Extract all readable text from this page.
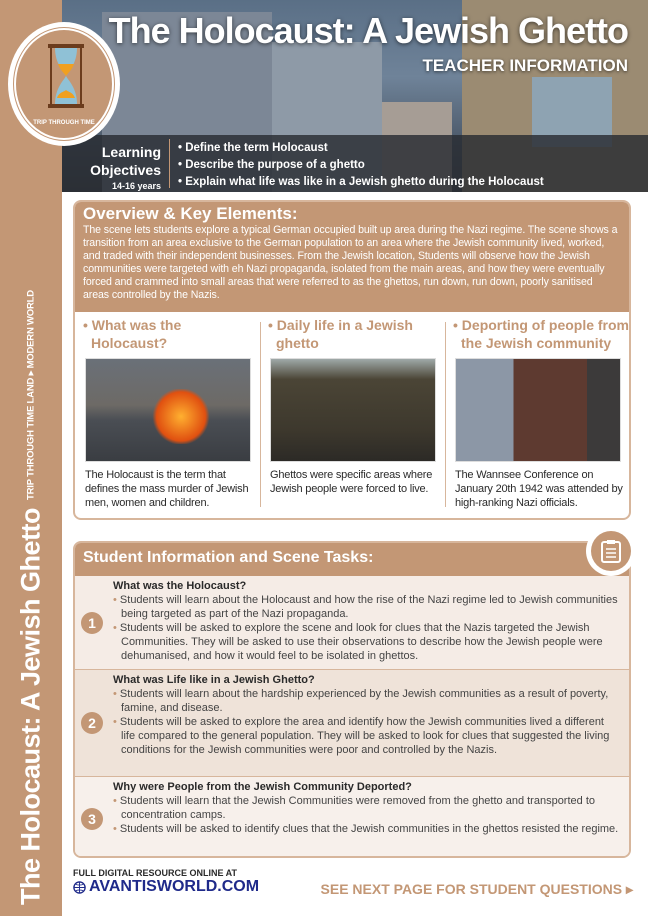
The Holocaust: A Jewish Ghetto
TRIP THROUGH TIME LAND ▸ MODERN WORLD
The Holocaust: A Jewish Ghetto
TEACHER INFORMATION
Learning
Objectives
14-16 years
• Define the term Holocaust
• Describe the purpose of a ghetto
• Explain what life was like in a Jewish ghetto during the Holocaust
TRIP THROUGH TIME
Overview & Key Elements:
The scene lets students explore a typical German occupied built up area during the Nazi regime. The scene shows a transition from an area exclusive to the German population to an area where the Jewish community lived, worked, and traded with their independent businesses. From the Jewish location, Students will observe how the Jewish communities were targeted with eh Nazi propaganda, isolated from the main areas, and how they were eventually forced and crammed into small areas that were referred to as the ghettos, run down, run down, poorly sanitised areas controlled by the Nazis.
• What was the Holocaust?

The Holocaust is the term that defines the mass murder of Jewish men, women and children.

• Daily life in a Jewish ghetto

Ghettos were specific areas where Jewish people were forced to live.

• Deporting of people from the Jewish community

The Wannsee Conference on January 20th 1942 was attended by high-ranking Nazi officials.

Student Information and Scene Tasks:
1
What was the Holocaust?
• Students will learn about the Holocaust and how the rise of the Nazi regime led to Jewish communities being targeted as part of the Nazi propaganda.
• Students will be asked to explore the scene and look for clues that the Nazis targeted the Jewish Communities. They will be asked to use their observations to describe how the Jewish people were dehumanised, and how it would feel to be isolated in ghettos.
2
What was Life like in a Jewish Ghetto?
• Students will learn about the hardship experienced by the Jewish communities as a result of poverty, famine, and disease.
• Students will be asked to explore the area and identify how the Jewish communities lived a different life compared to the general population. They will be asked to look for clues that suggested the living conditions for the Jewish communities were poor and controlled by the Nazis.
3
Why were People from the Jewish Community Deported?
• Students will learn that the Jewish Communities were removed from the ghetto and transported to concentration camps.
• Students will be asked to identify clues that the Jewish communities in the ghettos resisted the regime.
FULL DIGITAL RESOURCE ONLINE AT
AVANTISWORLD.COM	SEE NEXT PAGE FOR STUDENT QUESTIONS ▸
